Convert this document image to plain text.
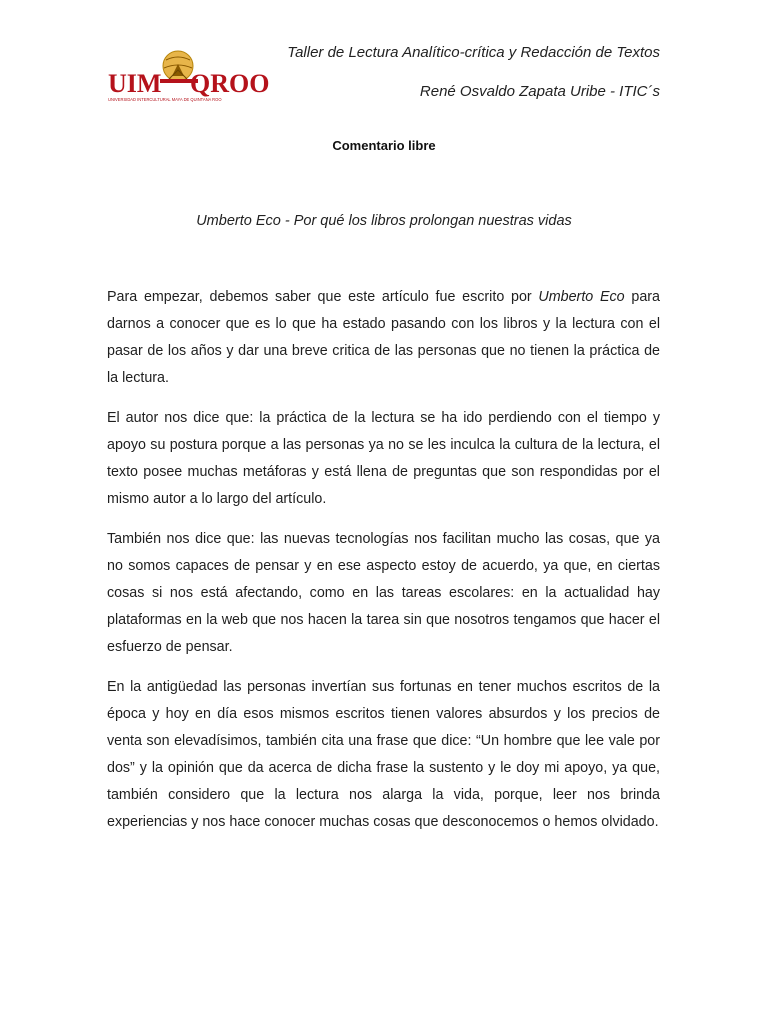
Taller de Lectura Analítico-crítica y Redacción de Textos
René Osvaldo Zapata Uribe - ITIC´s
UIM QROO
UNIVERSIDAD INTERCULTURAL MAYA DE QUINTANA ROO
Comentario libre
Umberto Eco - Por qué los libros prolongan nuestras vidas

Para empezar, debemos saber que este artículo fue escrito por Umberto Eco para darnos a conocer que es lo que ha estado pasando con los libros y la lectura con el pasar de los años y dar una breve critica de las personas que no tienen la práctica de la lectura.

El autor nos dice que: la práctica de la lectura se ha ido perdiendo con el tiempo y apoyo su postura porque a las personas ya no se les inculca la cultura de la lectura, el texto posee muchas metáforas y está llena de preguntas que son respondidas por el mismo autor a lo largo del artículo.

También nos dice que: las nuevas tecnologías nos facilitan mucho las cosas, que ya no somos capaces de pensar y en ese aspecto estoy de acuerdo, ya que, en ciertas cosas si nos está afectando, como en las tareas escolares: en la actualidad hay plataformas en la web que nos hacen la tarea sin que nosotros tengamos que hacer el esfuerzo de pensar.

En la antigüedad las personas invertían sus fortunas en tener muchos escritos de la época y hoy en día esos mismos escritos tienen valores absurdos y los precios de venta son elevadísimos, también cita una frase que dice: “Un hombre que lee vale por dos” y la opinión que da acerca de dicha frase la sustento y le doy mi apoyo, ya que, también considero que la lectura nos alarga la vida, porque, leer nos brinda experiencias y nos hace conocer muchas cosas que desconocemos o hemos olvidado.
